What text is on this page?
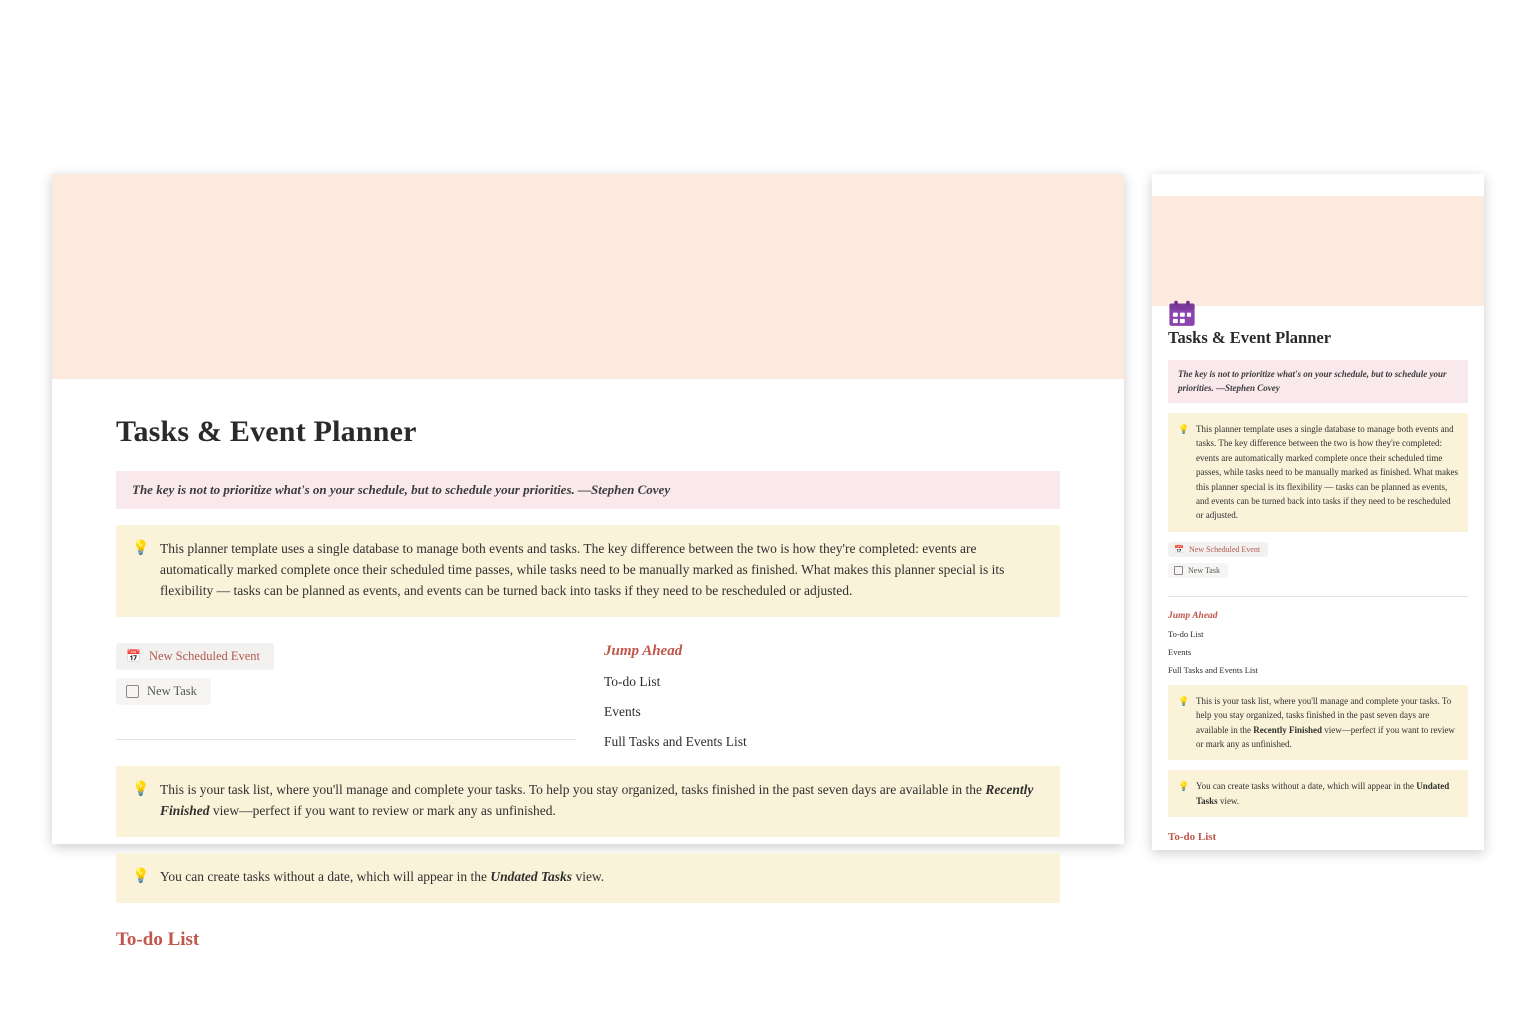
Tasks & Event Planner
The key is not to prioritize what's on your schedule, but to schedule your priorities. —Stephen Covey
💡 This planner template uses a single database to manage both events and tasks. The key difference between the two is how they're completed: events are automatically marked complete once their scheduled time passes, while tasks need to be manually marked as finished. What makes this planner special is its flexibility — tasks can be planned as events, and events can be turned back into tasks if they need to be rescheduled or adjusted.
📅 New Scheduled Event
New Task
Jump Ahead
To-do List
Events
Full Tasks and Events List
💡 This is your task list, where you'll manage and complete your tasks. To help you stay organized, tasks finished in the past seven days are available in the Recently Finished view—perfect if you want to review or mark any as unfinished.
💡 You can create tasks without a date, which will appear in the Undated Tasks view.
To-do List
Tasks & Event Planner
The key is not to prioritize what's on your schedule, but to schedule your priorities. —Stephen Covey
💡 This planner template uses a single database to manage both events and tasks. The key difference between the two is how they're completed: events are automatically marked complete once their scheduled time passes, while tasks need to be manually marked as finished. What makes this planner special is its flexibility — tasks can be planned as events, and events can be turned back into tasks if they need to be rescheduled or adjusted.
📅 New Scheduled Event
New Task
Jump Ahead
To-do List
Events
Full Tasks and Events List
💡 This is your task list, where you'll manage and complete your tasks. To help you stay organized, tasks finished in the past seven days are available in the Recently Finished view—perfect if you want to review or mark any as unfinished.
💡 You can create tasks without a date, which will appear in the Undated Tasks view.
To-do List
